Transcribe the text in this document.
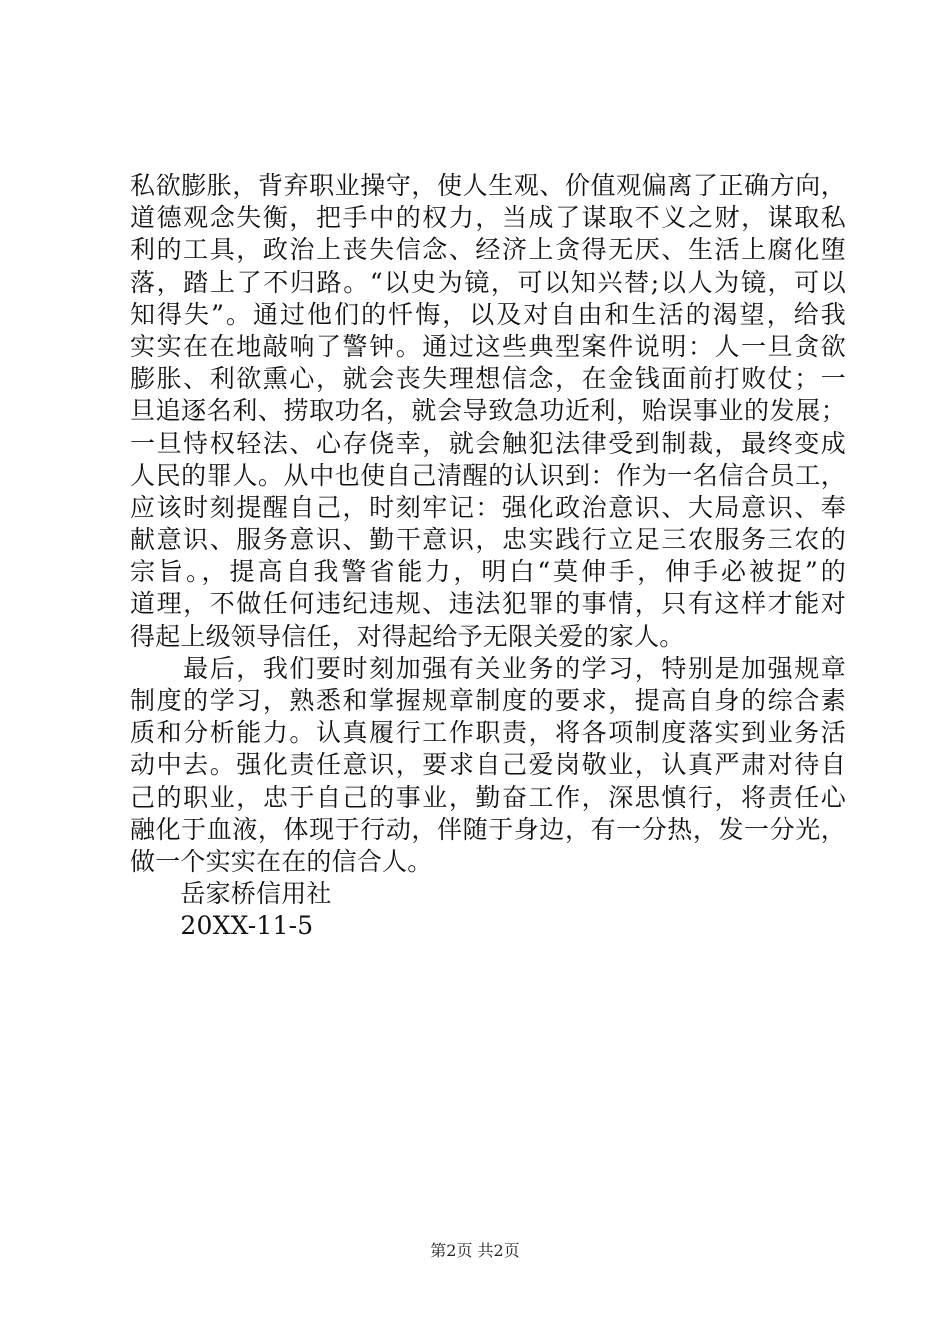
私欲膨胀，背弃职业操守，使人生观、价值观偏离了正确方向，
道德观念失衡，把手中的权力，当成了谋取不义之财，谋取私
利的工具，政治上丧失信念、经济上贪得无厌、生活上腐化堕
落，踏上了不归路。“以史为镜，可以知兴替;以人为镜，可以
知得失”。通过他们的忏悔，以及对自由和生活的渴望，给我
实实在在地敲响了警钟。通过这些典型案件说明：人一旦贪欲
膨胀、利欲熏心，就会丧失理想信念，在金钱面前打败仗；一
旦追逐名利、捞取功名，就会导致急功近利，贻误事业的发展；
一旦恃权轻法、心存侥幸，就会触犯法律受到制裁，最终变成
人民的罪人。从中也使自己清醒的认识到：作为一名信合员工，
应该时刻提醒自己，时刻牢记：强化政治意识、大局意识、奉
献意识、服务意识、勤干意识，忠实践行立足三农服务三农的
宗旨。，提高自我警省能力，明白“莫伸手，伸手必被捉”的
道理，不做任何违纪违规、违法犯罪的事情，只有这样才能对
得起上级领导信任，对得起给予无限关爱的家人。
　　最后，我们要时刻加强有关业务的学习，特别是加强规章
制度的学习，熟悉和掌握规章制度的要求，提高自身的综合素
质和分析能力。认真履行工作职责，将各项制度落实到业务活
动中去。强化责任意识，要求自己爱岗敬业，认真严肃对待自
己的职业，忠于自己的事业，勤奋工作，深思慎行，将责任心
融化于血液，体现于行动，伴随于身边，有一分热，发一分光，
做一个实实在在的信合人。
　　岳家桥信用社
　　20XX-11-5
第2页 共2页
